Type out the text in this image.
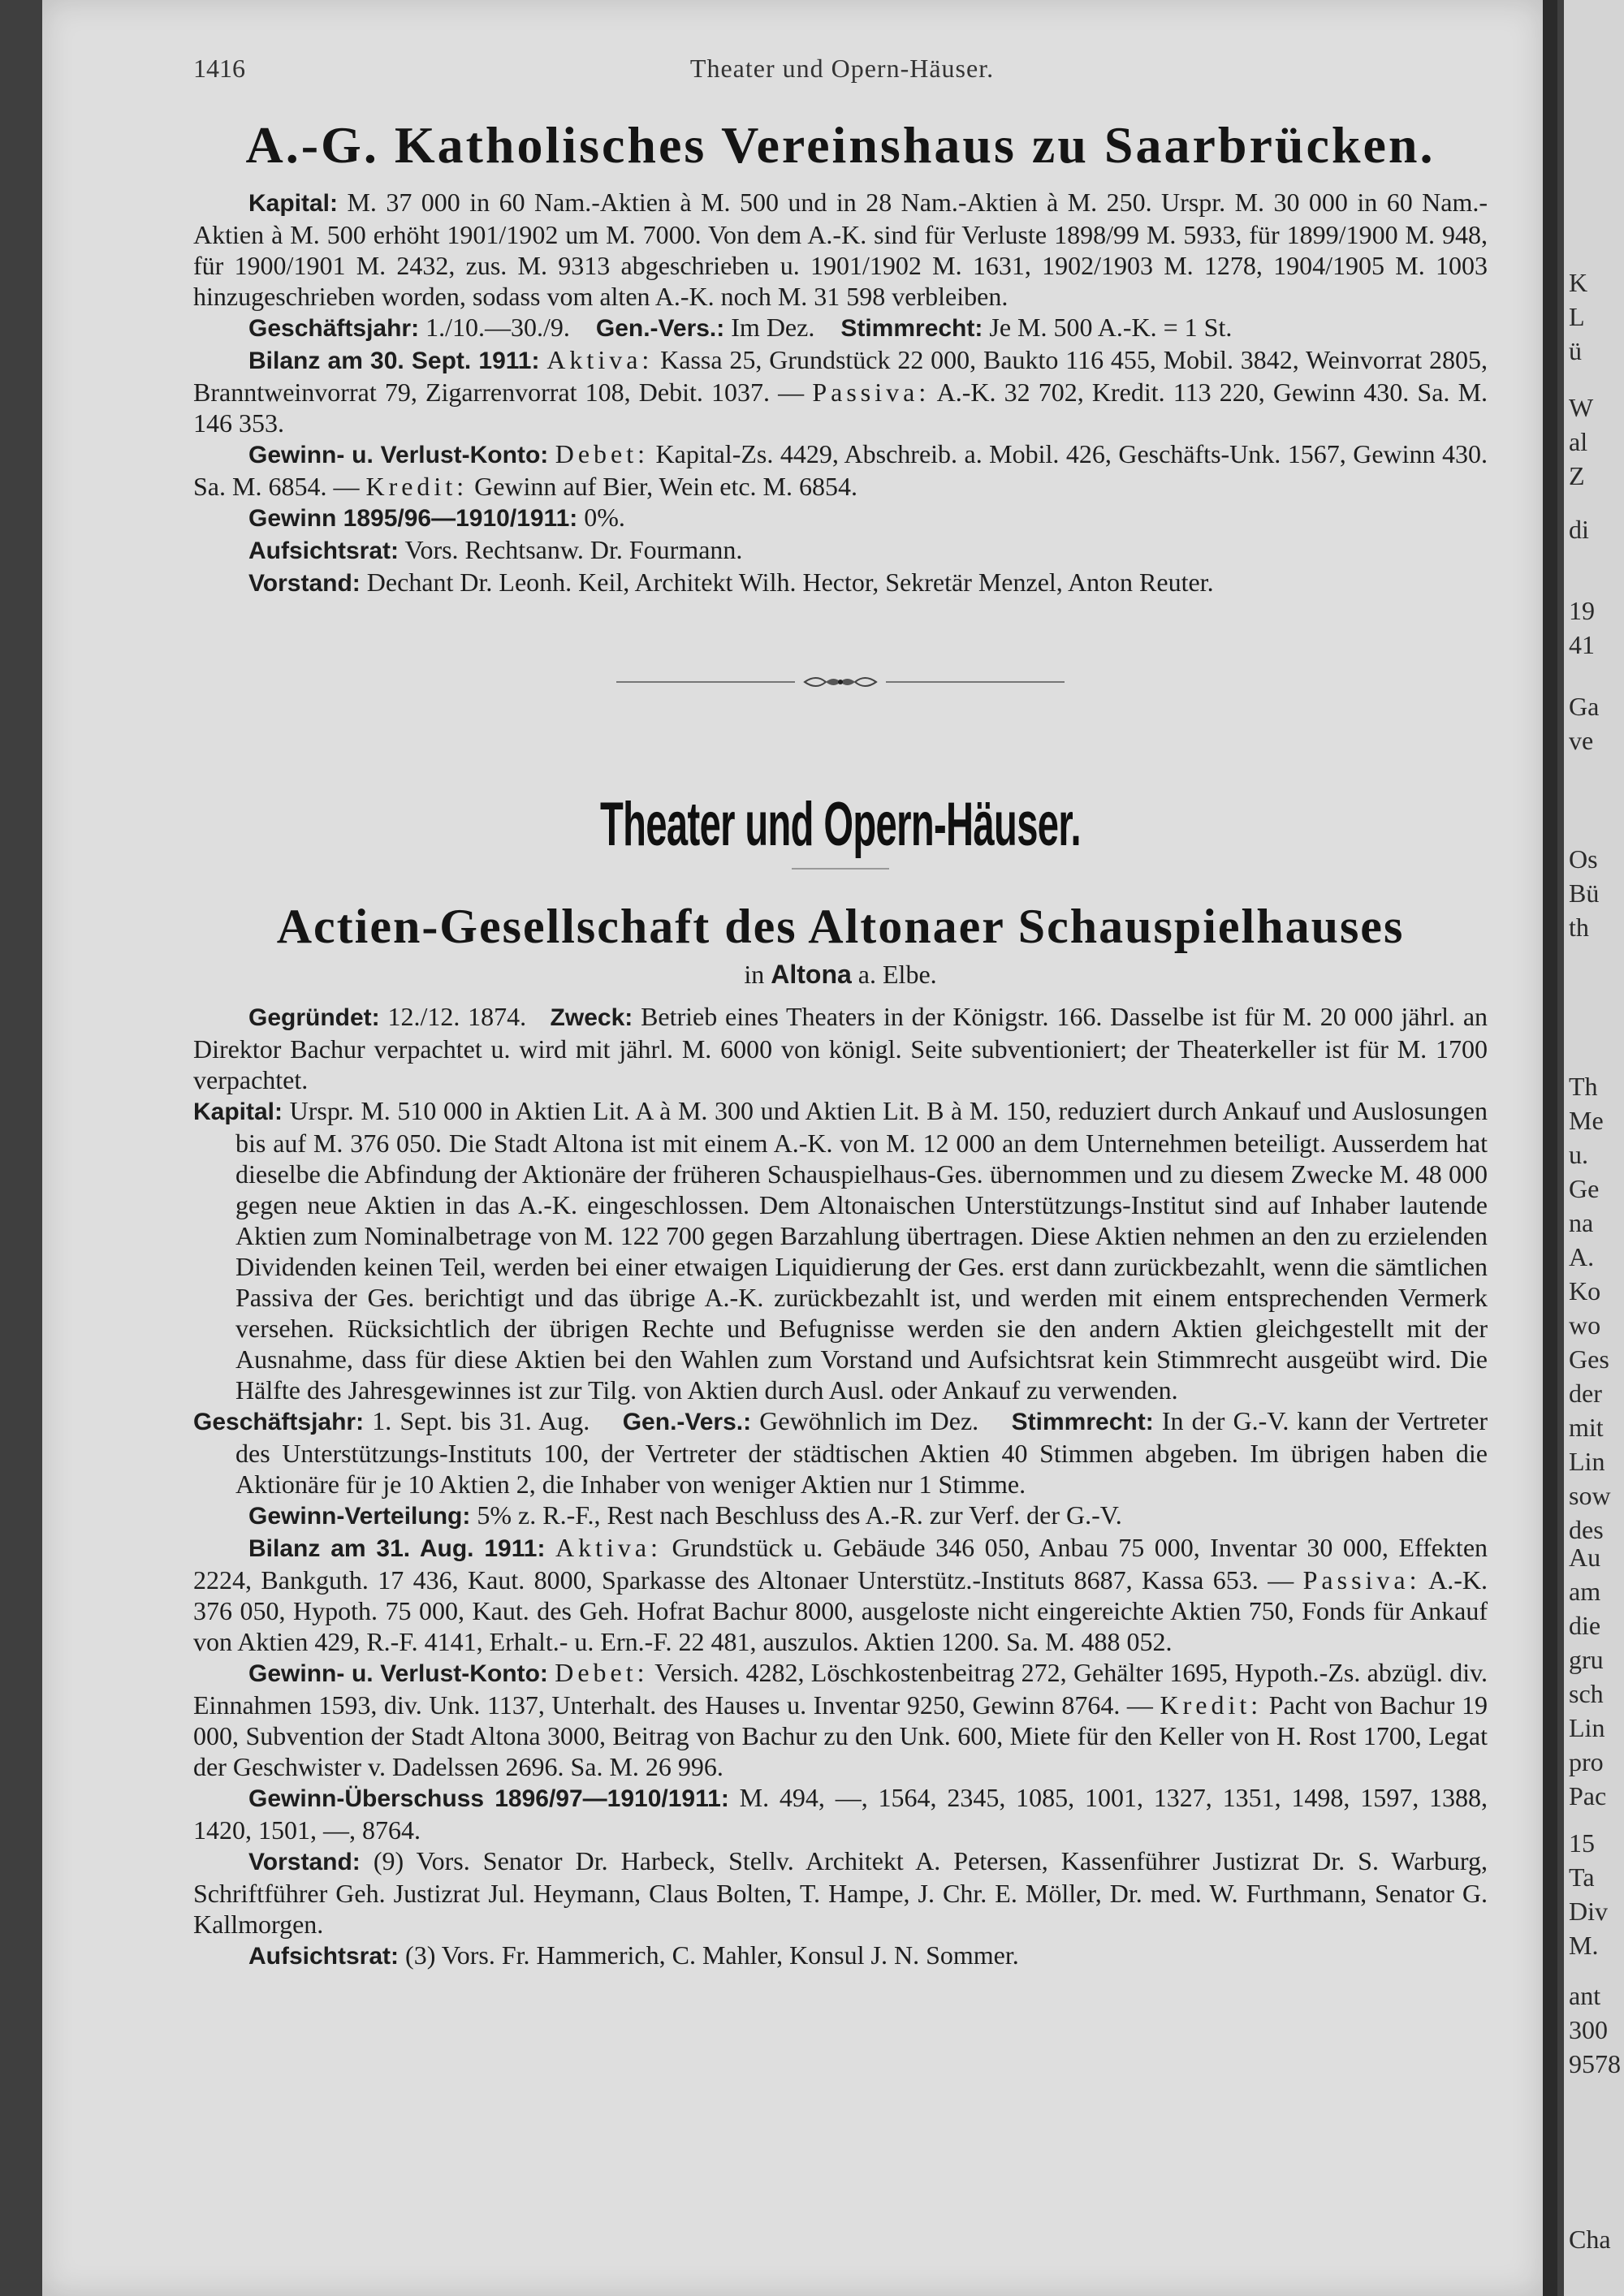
1416	Theater und Opern-Häuser.
A.-G. Katholisches Vereinshaus zu Saarbrücken.

Kapital: M. 37 000 in 60 Nam.-Aktien à M. 500 und in 28 Nam.-Aktien à M. 250. Urspr. M. 30 000 in 60 Nam.-Aktien à M. 500 erhöht 1901/1902 um M. 7000. Von dem A.-K. sind für Verluste 1898/99 M. 5933, für 1899/1900 M. 948, für 1900/1901 M. 2432, zus. M. 9313 abgeschrieben u. 1901/1902 M. 1631, 1902/1903 M. 1278, 1904/1905 M. 1003 hinzugeschrieben worden, sodass vom alten A.-K. noch M. 31 598 verbleiben.

Geschäftsjahr: 1./10.—30./9. Gen.-Vers.: Im Dez. Stimmrecht: Je M. 500 A.-K. = 1 St.

Bilanz am 30. Sept. 1911: Aktiva: Kassa 25, Grundstück 22 000, Baukto 116 455, Mobil. 3842, Weinvorrat 2805, Branntweinvorrat 79, Zigarrenvorrat 108, Debit. 1037. — Passiva: A.-K. 32 702, Kredit. 113 220, Gewinn 430. Sa. M. 146 353.

Gewinn- u. Verlust-Konto: Debet: Kapital-Zs. 4429, Abschreib. a. Mobil. 426, Geschäfts-Unk. 1567, Gewinn 430. Sa. M. 6854. — Kredit: Gewinn auf Bier, Wein etc. M. 6854.

Gewinn 1895/96—1910/1911: 0%.

Aufsichtsrat: Vors. Rechtsanw. Dr. Fourmann.

Vorstand: Dechant Dr. Leonh. Keil, Architekt Wilh. Hector, Sekretär Menzel, Anton Reuter.

Theater und Opern-Häuser.
Actien-Gesellschaft des Altonaer Schauspielhauses
in Altona a. Elbe.

Gegründet: 12./12. 1874. Zweck: Betrieb eines Theaters in der Königstr. 166. Dasselbe ist für M. 20 000 jährl. an Direktor Bachur verpachtet u. wird mit jährl. M. 6000 von königl. Seite subventioniert; der Theaterkeller ist für M. 1700 verpachtet.

Kapital: Urspr. M. 510 000 in Aktien Lit. A à M. 300 und Aktien Lit. B à M. 150, reduziert durch Ankauf und Auslosungen bis auf M. 376 050. Die Stadt Altona ist mit einem A.-K. von M. 12 000 an dem Unternehmen beteiligt. Ausserdem hat dieselbe die Abfindung der Aktionäre der früheren Schauspielhaus-Ges. übernommen und zu diesem Zwecke M. 48 000 gegen neue Aktien in das A.-K. eingeschlossen. Dem Altonaischen Unterstützungs-Institut sind auf Inhaber lautende Aktien zum Nominalbetrage von M. 122 700 gegen Barzahlung übertragen. Diese Aktien nehmen an den zu erzielenden Dividenden keinen Teil, werden bei einer etwaigen Liquidierung der Ges. erst dann zurückbezahlt, wenn die sämtlichen Passiva der Ges. berichtigt und das übrige A.-K. zurückbezahlt ist, und werden mit einem entsprechenden Vermerk versehen. Rücksichtlich der übrigen Rechte und Befugnisse werden sie den andern Aktien gleichgestellt mit der Ausnahme, dass für diese Aktien bei den Wahlen zum Vorstand und Aufsichtsrat kein Stimmrecht ausgeübt wird. Die Hälfte des Jahresgewinnes ist zur Tilg. von Aktien durch Ausl. oder Ankauf zu verwenden.

Geschäftsjahr: 1. Sept. bis 31. Aug. Gen.-Vers.: Gewöhnlich im Dez. Stimmrecht: In der G.-V. kann der Vertreter des Unterstützungs-Instituts 100, der Vertreter der städtischen Aktien 40 Stimmen abgeben. Im übrigen haben die Aktionäre für je 10 Aktien 2, die Inhaber von weniger Aktien nur 1 Stimme.

Gewinn-Verteilung: 5% z. R.-F., Rest nach Beschluss des A.-R. zur Verf. der G.-V.

Bilanz am 31. Aug. 1911: Aktiva: Grundstück u. Gebäude 346 050, Anbau 75 000, Inventar 30 000, Effekten 2224, Bankguth. 17 436, Kaut. 8000, Sparkasse des Altonaer Unterstütz.-Instituts 8687, Kassa 653. — Passiva: A.-K. 376 050, Hypoth. 75 000, Kaut. des Geh. Hofrat Bachur 8000, ausgeloste nicht eingereichte Aktien 750, Fonds für Ankauf von Aktien 429, R.-F. 4141, Erhalt.- u. Ern.-F. 22 481, auszulos. Aktien 1200. Sa. M. 488 052.

Gewinn- u. Verlust-Konto: Debet: Versich. 4282, Löschkostenbeitrag 272, Gehälter 1695, Hypoth.-Zs. abzügl. div. Einnahmen 1593, div. Unk. 1137, Unterhalt. des Hauses u. Inventar 9250, Gewinn 8764. — Kredit: Pacht von Bachur 19 000, Subvention der Stadt Altona 3000, Beitrag von Bachur zu den Unk. 600, Miete für den Keller von H. Rost 1700, Legat der Geschwister v. Dadelssen 2696. Sa. M. 26 996.

Gewinn-Überschuss 1896/97—1910/1911: M. 494, —, 1564, 2345, 1085, 1001, 1327, 1351, 1498, 1597, 1388, 1420, 1501, —, 8764.

Vorstand: (9) Vors. Senator Dr. Harbeck, Stellv. Architekt A. Petersen, Kassenführer Justizrat Dr. S. Warburg, Schriftführer Geh. Justizrat Jul. Heymann, Claus Bolten, T. Hampe, J. Chr. E. Möller, Dr. med. W. Furthmann, Senator G. Kallmorgen.

Aufsichtsrat: (3) Vors. Fr. Hammerich, C. Mahler, Konsul J. N. Sommer.

K
L
ü
W
al
Z
di
19
41
Ga
ve
Os
Bü
th
Th
Me
u.
Ge
na
A.
Ko
wo
Ges
der
mit
Lin
sow
des
Au
am
die
gru
sch
Lin
pro
Pac
15
Ta
Div
M.
ant
300
9578
Cha
